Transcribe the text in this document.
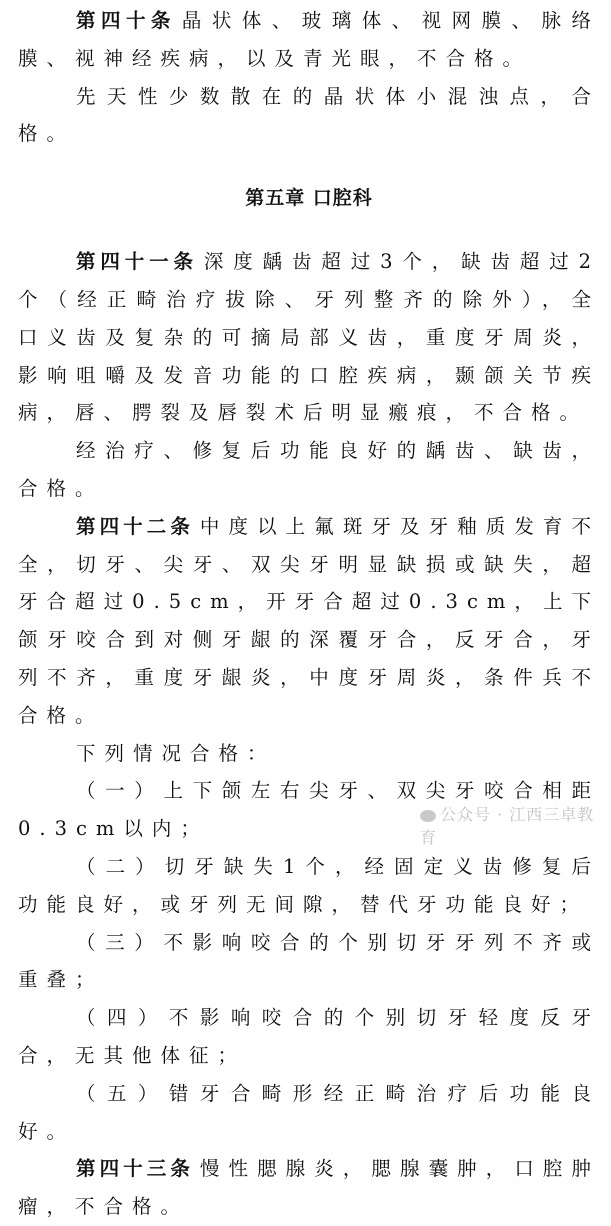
第四十条 晶状体、玻璃体、视网膜、脉络膜、视神经疾病，以及青光眼，不合格。

先天性少数散在的晶状体小混浊点，合格。

第五章 口腔科

第四十一条 深度龋齿超过3个，缺齿超过2个（经正畸治疗拔除、牙列整齐的除外），全口义齿及复杂的可摘局部义齿，重度牙周炎，影响咀嚼及发音功能的口腔疾病，颞颌关节疾病，唇、腭裂及唇裂术后明显瘢痕，不合格。

经治疗、修复后功能良好的龋齿、缺齿，合格。

第四十二条 中度以上氟斑牙及牙釉质发育不全，切牙、尖牙、双尖牙明显缺损或缺失，超牙合超过0.5cm，开牙合超过0.3cm，上下颌牙咬合到对侧牙龈的深覆牙合，反牙合，牙列不齐，重度牙龈炎，中度牙周炎，条件兵不合格。

下列情况合格：

（一）上下颌左右尖牙、双尖牙咬合相距0.3cm以内；

（二）切牙缺失1个，经固定义齿修复后功能良好，或牙列无间隙，替代牙功能良好；

（三）不影响咬合的个别切牙牙列不齐或重叠；

（四）不影响咬合的个别切牙轻度反牙合，无其他体征；

（五）错牙合畸形经正畸治疗后功能良好。

第四十三条 慢性腮腺炎，腮腺囊肿，口腔肿瘤，不合格。

公众号 · 江西三卓教育
